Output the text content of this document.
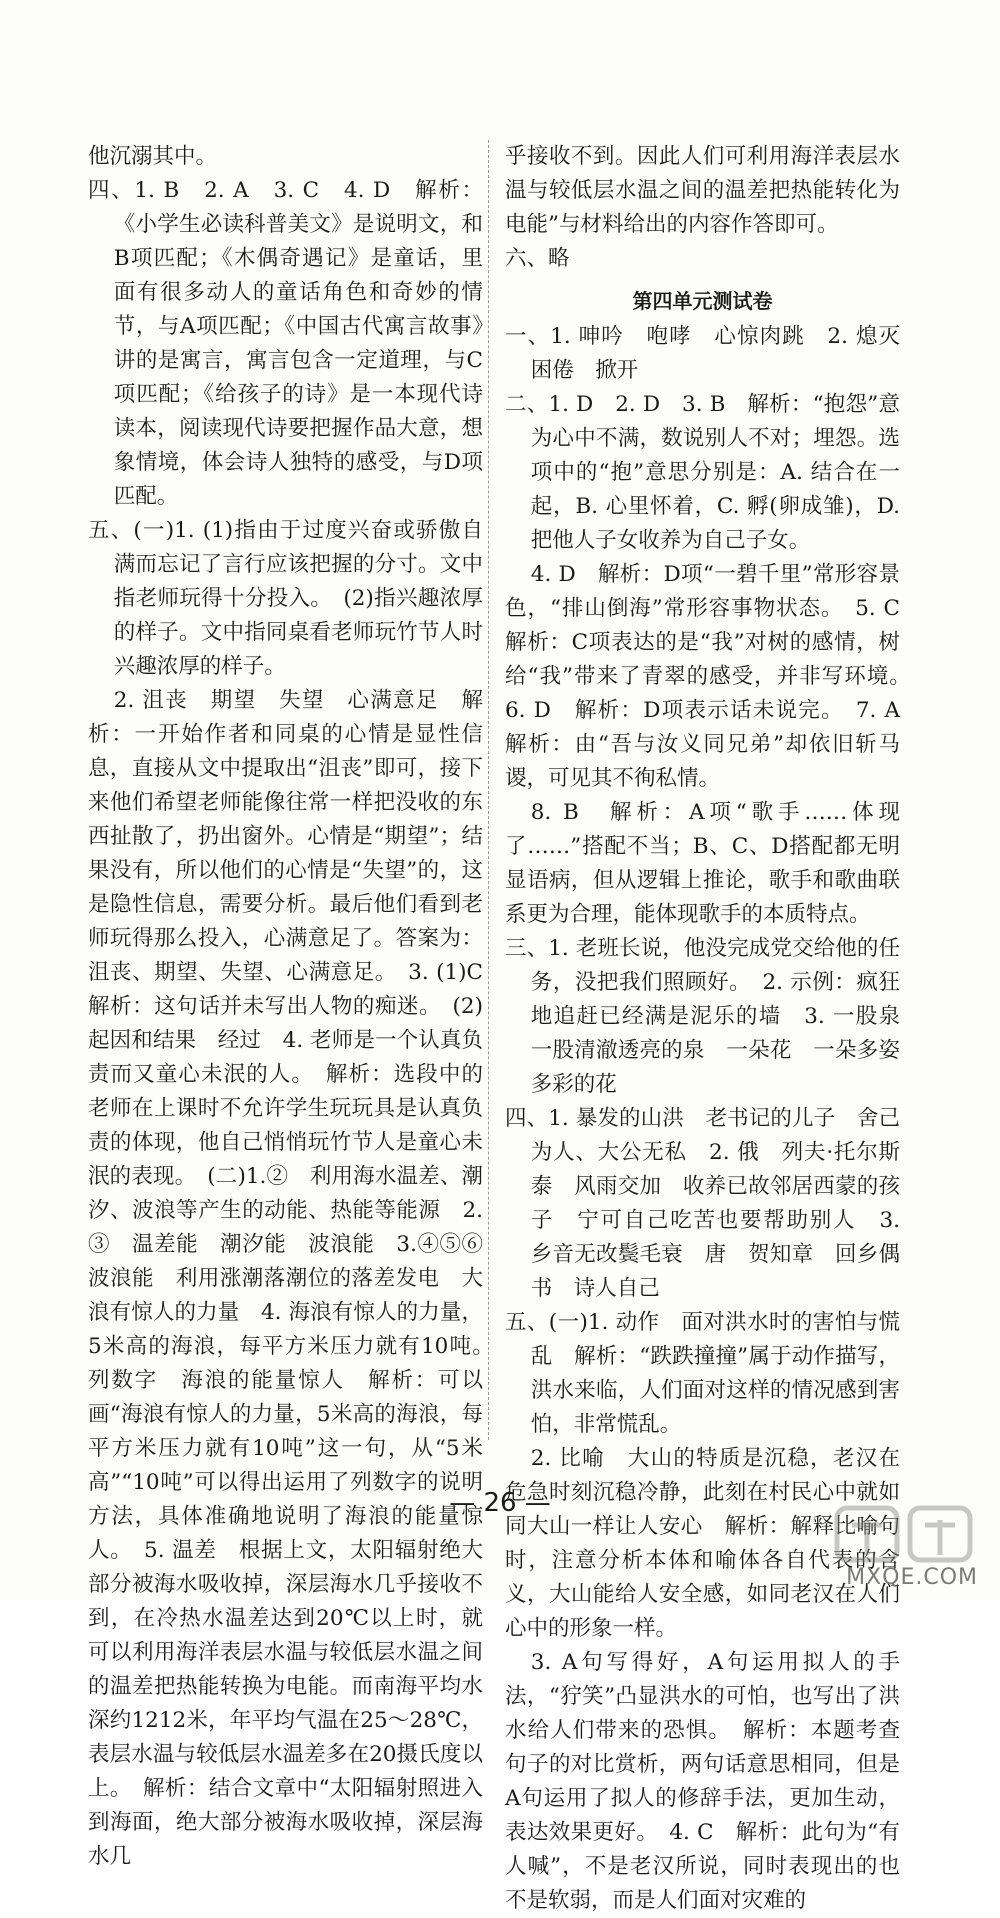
他沉溺其中。

四、1. B　2. A　3. C　4. D　解析：《小学生必读科普美文》是说明文，和B项匹配；《木偶奇遇记》是童话，里面有很多动人的童话角色和奇妙的情节，与A项匹配；《中国古代寓言故事》讲的是寓言，寓言包含一定道理，与C项匹配；《给孩子的诗》是一本现代诗读本，阅读现代诗要把握作品大意，想象情境，体会诗人独特的感受，与D项匹配。

五、(一)1. (1)指由于过度兴奋或骄傲自满而忘记了言行应该把握的分寸。文中指老师玩得十分投入。　(2)指兴趣浓厚的样子。文中指同桌看老师玩竹节人时兴趣浓厚的样子。

2. 沮丧　期望　失望　心满意足　解析：一开始作者和同桌的心情是显性信息，直接从文中提取出“沮丧”即可，接下来他们希望老师能像往常一样把没收的东西扯散了，扔出窗外。心情是“期望”；结果没有，所以他们的心情是“失望”的，这是隐性信息，需要分析。最后他们看到老师玩得那么投入，心满意足了。答案为：沮丧、期望、失望、心满意足。　3. (1)C　解析：这句话并未写出人物的痴迷。　(2)起因和结果　经过　4. 老师是一个认真负责而又童心未泯的人。　解析：选段中的老师在上课时不允许学生玩玩具是认真负责的体现，他自己悄悄玩竹节人是童心未泯的表现。　(二)1.②　利用海水温差、潮汐、波浪等产生的动能、热能等能源　2.③　温差能　潮汐能　波浪能　3.④⑤⑥　波浪能　利用涨潮落潮位的落差发电　大浪有惊人的力量　4. 海浪有惊人的力量，5米高的海浪，每平方米压力就有10吨。　列数字　海浪的能量惊人　解析：可以画“海浪有惊人的力量，5米高的海浪，每平方米压力就有10吨”这一句，从“5米高”“10吨”可以得出运用了列数字的说明方法，具体准确地说明了海浪的能量惊人。　5. 温差　根据上文，太阳辐射绝大部分被海水吸收掉，深层海水几乎接收不到，在冷热水温差达到20℃以上时，就可以利用海洋表层水温与较低层水温之间的温差把热能转换为电能。而南海平均水深约1212米，年平均气温在25～28℃，表层水温与较低层水温差多在20摄氏度以上。　解析：结合文章中“太阳辐射照进入到海面，绝大部分被海水吸收掉，深层海水几

乎接收不到。因此人们可利用海洋表层水温与较低层水温之间的温差把热能转化为电能”与材料给出的内容作答即可。

六、略

第四单元测试卷

一、1. 呻吟　咆哮　心惊肉跳　2. 熄灭　困倦　掀开

二、1. D　2. D　3. B　解析：“抱怨”意为心中不满，数说别人不对；埋怨。选项中的“抱”意思分别是：A. 结合在一起，B. 心里怀着，C. 孵(卵成雏)，D. 把他人子女收养为自己子女。

4. D　解析：D项“一碧千里”常形容景色，“排山倒海”常形容事物状态。　5. C　解析：C项表达的是“我”对树的感情，树给“我”带来了青翠的感受，并非写环境。　6. D　解析：D项表示话未说完。　7. A　解析：由“吾与汝义同兄弟”却依旧斩马谡，可见其不徇私情。

8. B　解析：A项“歌手……体现了……”搭配不当；B、C、D搭配都无明显语病，但从逻辑上推论，歌手和歌曲联系更为合理，能体现歌手的本质特点。

三、1. 老班长说，他没完成党交给他的任务，没把我们照顾好。　2. 示例：疯狂地追赶已经满是泥乐的墙　3. 一股泉　一股清澈透亮的泉　一朵花　一朵多姿多彩的花

四、1. 暴发的山洪　老书记的儿子　舍己为人、大公无私　2. 俄　列夫·托尔斯泰　风雨交加　收养已故邻居西蒙的孩子　宁可自己吃苦也要帮助别人　3. 乡音无改鬓毛衰　唐　贺知章　回乡偶书　诗人自己

五、(一)1. 动作　面对洪水时的害怕与慌乱　解析：“跌跌撞撞”属于动作描写，洪水来临，人们面对这样的情况感到害怕，非常慌乱。

2. 比喻　大山的特质是沉稳，老汉在危急时刻沉稳冷静，此刻在村民心中就如同大山一样让人安心　解析：解释比喻句时，注意分析本体和喻体各自代表的含义，大山能给人安全感，如同老汉在人们心中的形象一样。

3. A句写得好，A句运用拟人的手法，“狞笑”凸显洪水的可怕，也写出了洪水给人们带来的恐惧。　解析：本题考查句子的对比赏析，两句话意思相同，但是A句运用了拟人的修辞手法，更加生动，表达效果更好。　4. C　解析：此句为“有人喊”，不是老汉所说，同时表现出的也不是软弱，而是人们面对灾难的

— 26 —
MXQE.COM
